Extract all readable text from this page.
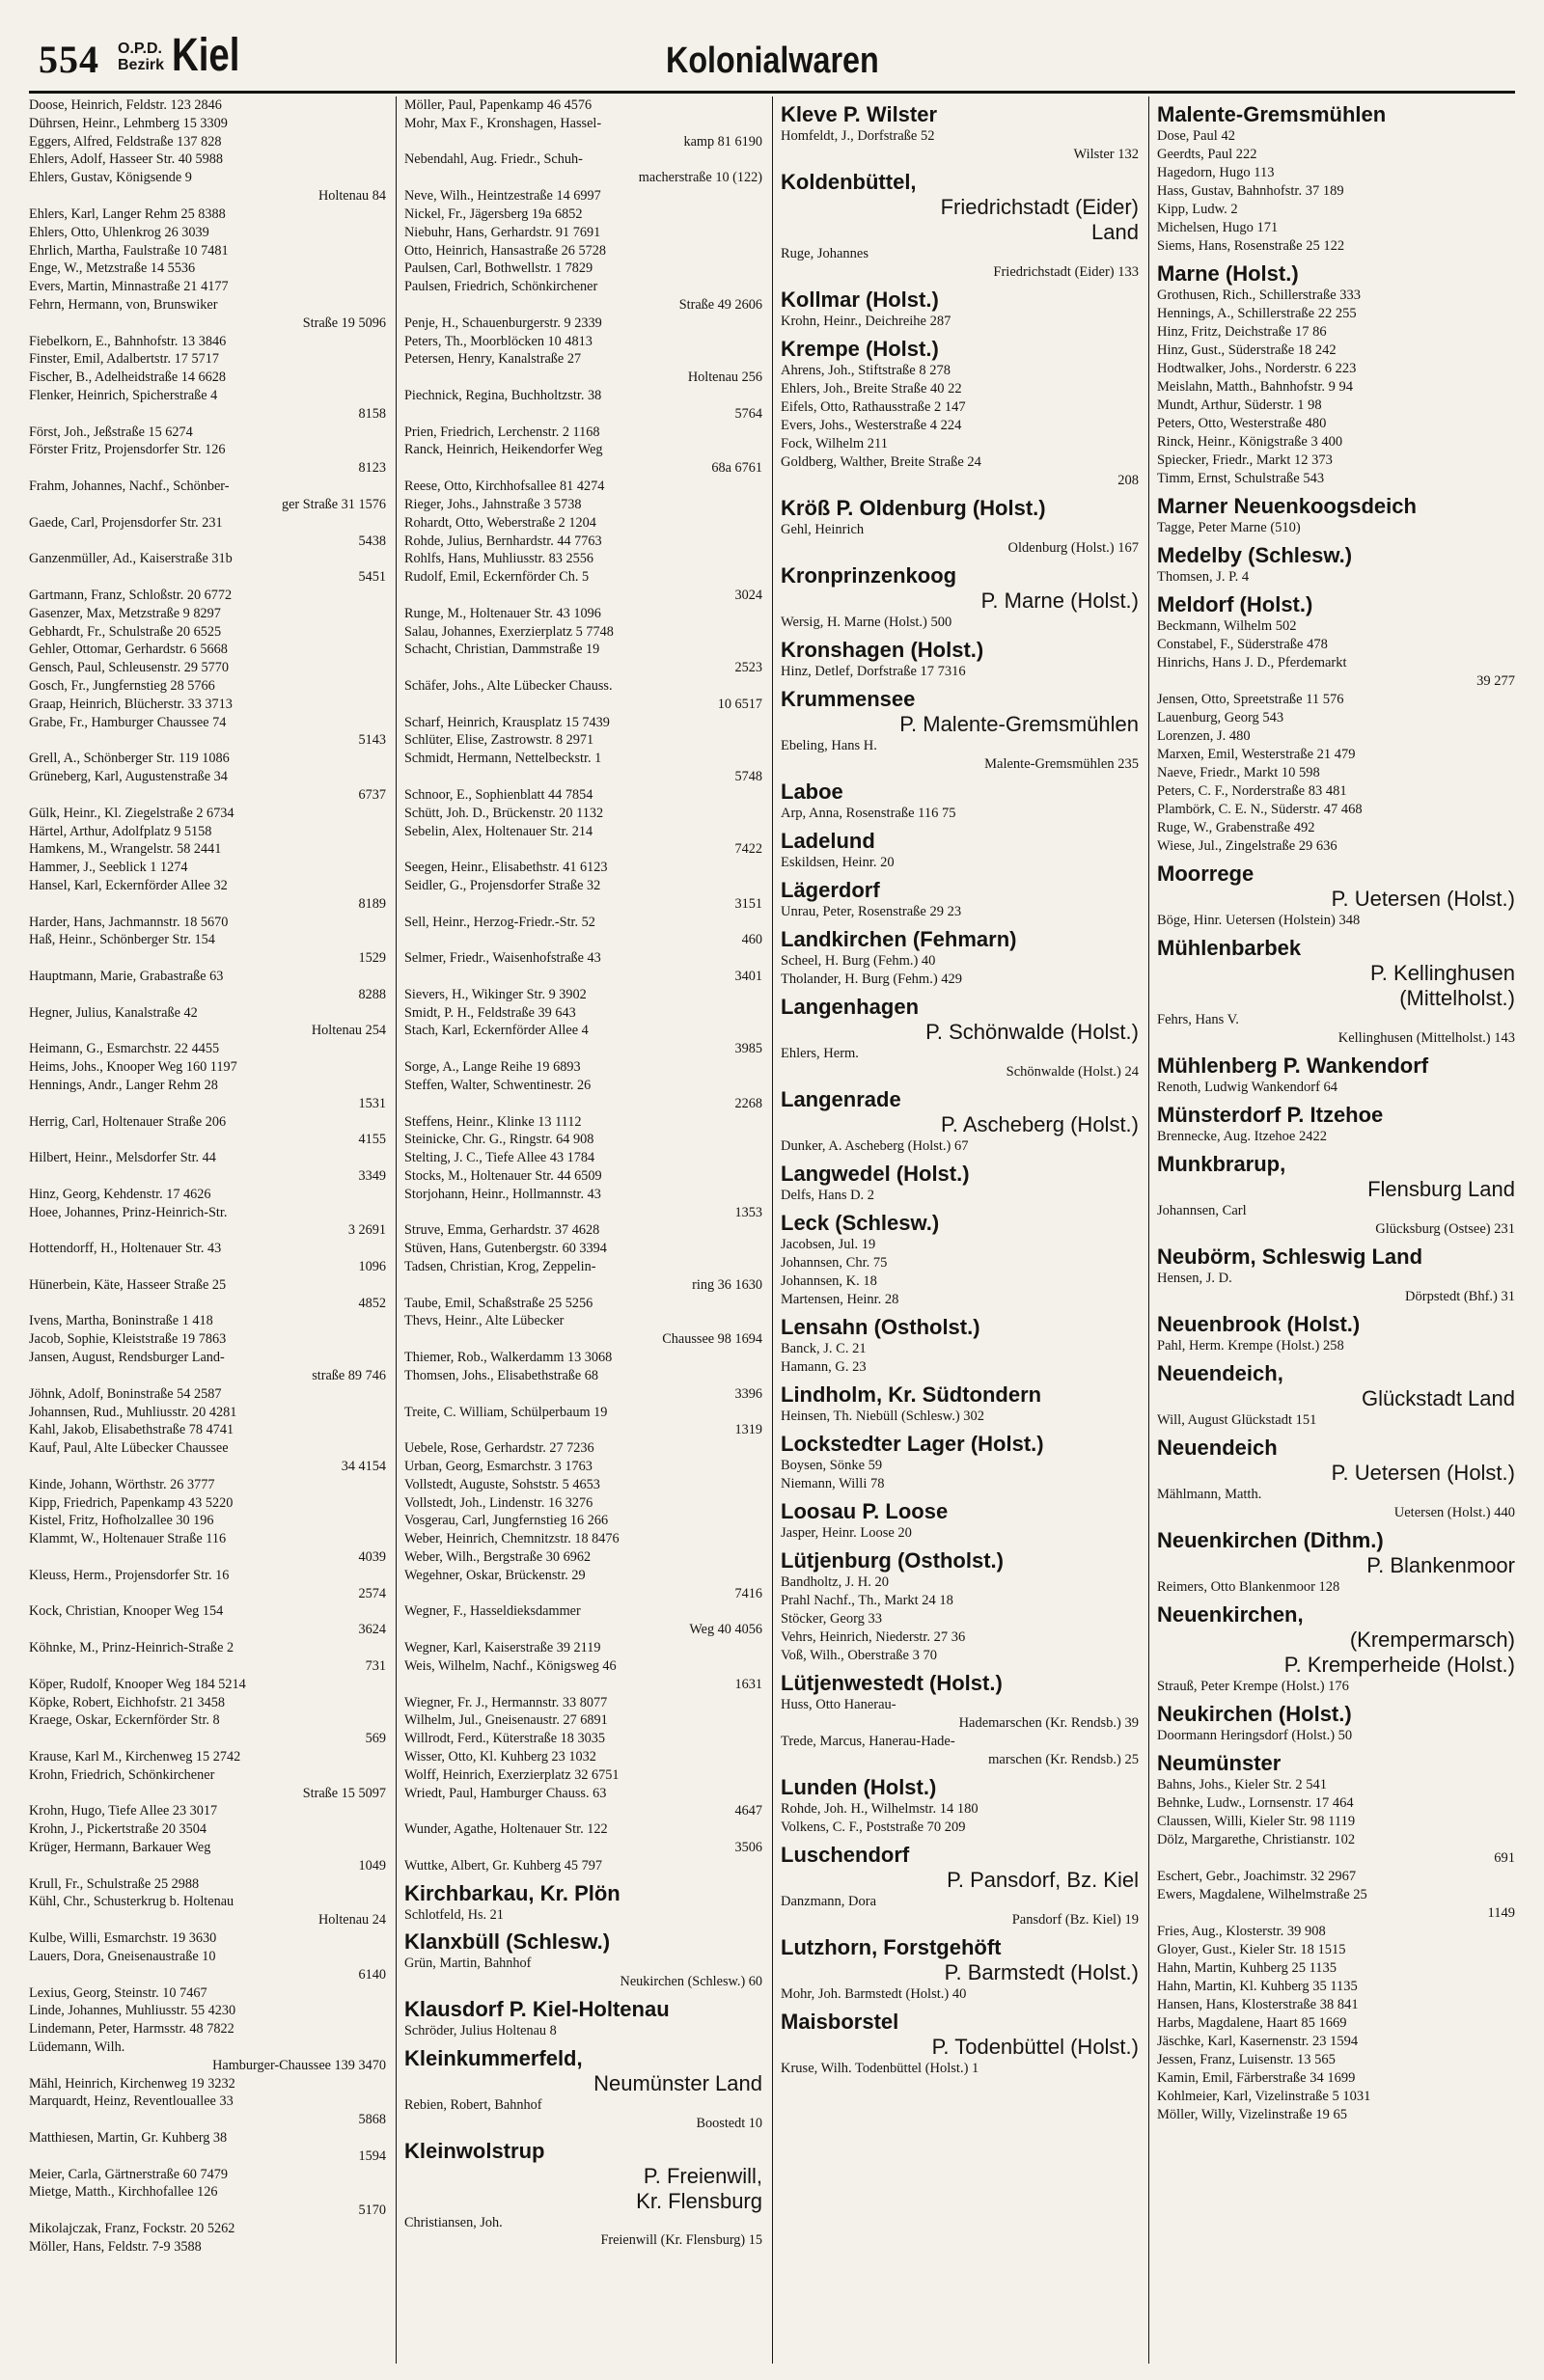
554 O.P.D.
Bezirk Kiel	Kolonialwaren
Doose, Heinrich, Feldstr. 123 2846
Dührsen, Heinr., Lehmberg 15 3309
Eggers, Alfred, Feldstraße 137 828
Ehlers, Adolf, Hasseer Str. 40 5988
Ehlers, Gustav, Königsende 9
Holtenau 84
Ehlers, Karl, Langer Rehm 25 8388
Ehlers, Otto, Uhlenkrog 26 3039
Ehrlich, Martha, Faulstraße 10 7481
Enge, W., Metzstraße 14 5536
Evers, Martin, Minnastraße 21 4177
Fehrn, Hermann, von, Brunswiker
Straße 19 5096
Fiebelkorn, E., Bahnhofstr. 13 3846
Finster, Emil, Adalbertstr. 17 5717
Fischer, B., Adelheidstraße 14 6628
Flenker, Heinrich, Spicherstraße 4
8158
Först, Joh., Jeßstraße 15 6274
Förster Fritz, Projensdorfer Str. 126
8123
Frahm, Johannes, Nachf., Schönber-
ger Straße 31 1576
Gaede, Carl, Projensdorfer Str. 231
5438
Ganzenmüller, Ad., Kaiserstraße 31b
5451
Gartmann, Franz, Schloßstr. 20 6772
Gasenzer, Max, Metzstraße 9 8297
Gebhardt, Fr., Schulstraße 20 6525
Gehler, Ottomar, Gerhardstr. 6 5668
Gensch, Paul, Schleusenstr. 29 5770
Gosch, Fr., Jungfernstieg 28 5766
Graap, Heinrich, Blücherstr. 33 3713
Grabe, Fr., Hamburger Chaussee 74
5143
Grell, A., Schönberger Str. 119 1086
Grüneberg, Karl, Augustenstraße 34
6737
Gülk, Heinr., Kl. Ziegelstraße 2 6734
Härtel, Arthur, Adolfplatz 9 5158
Hamkens, M., Wrangelstr. 58 2441
Hammer, J., Seeblick 1 1274
Hansel, Karl, Eckernförder Allee 32
8189
Harder, Hans, Jachmannstr. 18 5670
Haß, Heinr., Schönberger Str. 154
1529
Hauptmann, Marie, Grabastraße 63
8288
Hegner, Julius, Kanalstraße 42
Holtenau 254
Heimann, G., Esmarchstr. 22 4455
Heims, Johs., Knooper Weg 160 1197
Hennings, Andr., Langer Rehm 28
1531
Herrig, Carl, Holtenauer Straße 206
4155
Hilbert, Heinr., Melsdorfer Str. 44
3349
Hinz, Georg, Kehdenstr. 17 4626
Hoee, Johannes, Prinz-Heinrich-Str.
3 2691
Hottendorff, H., Holtenauer Str. 43
1096
Hünerbein, Käte, Hasseer Straße 25
4852
Ivens, Martha, Boninstraße 1 418
Jacob, Sophie, Kleiststraße 19 7863
Jansen, August, Rendsburger Land-
straße 89 746
Jöhnk, Adolf, Boninstraße 54 2587
Johannsen, Rud., Muhliusstr. 20 4281
Kahl, Jakob, Elisabethstraße 78 4741
Kauf, Paul, Alte Lübecker Chaussee
34 4154
Kinde, Johann, Wörthstr. 26 3777
Kipp, Friedrich, Papenkamp 43 5220
Kistel, Fritz, Hofholzallee 30 196
Klammt, W., Holtenauer Straße 116
4039
Kleuss, Herm., Projensdorfer Str. 16
2574
Kock, Christian, Knooper Weg 154
3624
Köhnke, M., Prinz-Heinrich-Straße 2
731
Köper, Rudolf, Knooper Weg 184 5214
Köpke, Robert, Eichhofstr. 21 3458
Kraege, Oskar, Eckernförder Str. 8
569
Krause, Karl M., Kirchenweg 15 2742
Krohn, Friedrich, Schönkirchener
Straße 15 5097
Krohn, Hugo, Tiefe Allee 23 3017
Krohn, J., Pickertstraße 20 3504
Krüger, Hermann, Barkauer Weg
1049
Krull, Fr., Schulstraße 25 2988
Kühl, Chr., Schusterkrug b. Holtenau
Holtenau 24
Kulbe, Willi, Esmarchstr. 19 3630
Lauers, Dora, Gneisenaustraße 10
6140
Lexius, Georg, Steinstr. 10 7467
Linde, Johannes, Muhliusstr. 55 4230
Lindemann, Peter, Harmsstr. 48 7822
Lüdemann, Wilh.
Hamburger-Chaussee 139 3470
Mähl, Heinrich, Kirchenweg 19 3232
Marquardt, Heinz, Reventlouallee 33
5868
Matthiesen, Martin, Gr. Kuhberg 38
1594
Meier, Carla, Gärtnerstraße 60 7479
Mietge, Matth., Kirchhofallee 126
5170
Mikolajczak, Franz, Fockstr. 20 5262
Möller, Hans, Feldstr. 7-9 3588
Möller, Paul, Papenkamp 46 4576
Mohr, Max F., Kronshagen, Hassel-
kamp 81 6190
Nebendahl, Aug. Friedr., Schuh-
macherstraße 10 (122)
Neve, Wilh., Heintzestraße 14 6997
Nickel, Fr., Jägersberg 19a 6852
Niebuhr, Hans, Gerhardstr. 91 7691
Otto, Heinrich, Hansastraße 26 5728
Paulsen, Carl, Bothwellstr. 1 7829
Paulsen, Friedrich, Schönkirchener
Straße 49 2606
Penje, H., Schauenburgerstr. 9 2339
Peters, Th., Moorblöcken 10 4813
Petersen, Henry, Kanalstraße 27
Holtenau 256
Piechnick, Regina, Buchholtzstr. 38
5764
Prien, Friedrich, Lerchenstr. 2 1168
Ranck, Heinrich, Heikendorfer Weg
68a 6761
Reese, Otto, Kirchhofsallee 81 4274
Rieger, Johs., Jahnstraße 3 5738
Rohardt, Otto, Weberstraße 2 1204
Rohde, Julius, Bernhardstr. 44 7763
Rohlfs, Hans, Muhliusstr. 83 2556
Rudolf, Emil, Eckernförder Ch. 5
3024
Runge, M., Holtenauer Str. 43 1096
Salau, Johannes, Exerzierplatz 5 7748
Schacht, Christian, Dammstraße 19
2523
Schäfer, Johs., Alte Lübecker Chauss.
10 6517
Scharf, Heinrich, Krausplatz 15 7439
Schlüter, Elise, Zastrowstr. 8 2971
Schmidt, Hermann, Nettelbeckstr. 1
5748
Schnoor, E., Sophienblatt 44 7854
Schütt, Joh. D., Brückenstr. 20 1132
Sebelin, Alex, Holtenauer Str. 214
7422
Seegen, Heinr., Elisabethstr. 41 6123
Seidler, G., Projensdorfer Straße 32
3151
Sell, Heinr., Herzog-Friedr.-Str. 52
460
Selmer, Friedr., Waisenhofstraße 43
3401
Sievers, H., Wikinger Str. 9 3902
Smidt, P. H., Feldstraße 39 643
Stach, Karl, Eckernförder Allee 4
3985
Sorge, A., Lange Reihe 19 6893
Steffen, Walter, Schwentinestr. 26
2268
Steffens, Heinr., Klinke 13 1112
Steinicke, Chr. G., Ringstr. 64 908
Stelting, J. C., Tiefe Allee 43 1784
Stocks, M., Holtenauer Str. 44 6509
Storjohann, Heinr., Hollmannstr. 43
1353
Struve, Emma, Gerhardstr. 37 4628
Stüven, Hans, Gutenbergstr. 60 3394
Tadsen, Christian, Krog, Zeppelin-
ring 36 1630
Taube, Emil, Schaßstraße 25 5256
Thevs, Heinr., Alte Lübecker
Chaussee 98 1694
Thiemer, Rob., Walkerdamm 13 3068
Thomsen, Johs., Elisabethstraße 68
3396
Treite, C. William, Schülperbaum 19
1319
Uebele, Rose, Gerhardstr. 27 7236
Urban, Georg, Esmarchstr. 3 1763
Vollstedt, Auguste, Sohststr. 5 4653
Vollstedt, Joh., Lindenstr. 16 3276
Vosgerau, Carl, Jungfernstieg 16 266
Weber, Heinrich, Chemnitzstr. 18 8476
Weber, Wilh., Bergstraße 30 6962
Wegehner, Oskar, Brückenstr. 29
7416
Wegner, F., Hasseldieksdammer
Weg 40 4056
Wegner, Karl, Kaiserstraße 39 2119
Weis, Wilhelm, Nachf., Königsweg 46
1631
Wiegner, Fr. J., Hermannstr. 33 8077
Wilhelm, Jul., Gneisenaustr. 27 6891
Willrodt, Ferd., Küterstraße 18 3035
Wisser, Otto, Kl. Kuhberg 23 1032
Wolff, Heinrich, Exerzierplatz 32 6751
Wriedt, Paul, Hamburger Chauss. 63
4647
Wunder, Agathe, Holtenauer Str. 122
3506
Wuttke, Albert, Gr. Kuhberg 45 797
Kirchbarkau, Kr. Plön
Schlotfeld, Hs. 21
Klanxbüll (Schlesw.)
Grün, Martin, Bahnhof
Neukirchen (Schlesw.) 60
Klausdorf P. Kiel-Holtenau
Schröder, Julius Holtenau 8
Kleinkummerfeld,
Neumünster Land
Rebien, Robert, Bahnhof
Boostedt 10
Kleinwolstrup
P. Freienwill,
Kr. Flensburg
Christiansen, Joh.
Freienwill (Kr. Flensburg) 15
Kleve P. Wilster
Homfeldt, J., Dorfstraße 52
Wilster 132
Koldenbüttel,
Friedrichstadt (Eider)
Land
Ruge, Johannes
Friedrichstadt (Eider) 133
Kollmar (Holst.)
Krohn, Heinr., Deichreihe 287
Krempe (Holst.)
Ahrens, Joh., Stiftstraße 8 278
Ehlers, Joh., Breite Straße 40 22
Eifels, Otto, Rathausstraße 2 147
Evers, Johs., Westerstraße 4 224
Fock, Wilhelm 211
Goldberg, Walther, Breite Straße 24
208
Kröß P. Oldenburg (Holst.)
Gehl, Heinrich
Oldenburg (Holst.) 167
Kronprinzenkoog
P. Marne (Holst.)
Wersig, H. Marne (Holst.) 500
Kronshagen (Holst.)
Hinz, Detlef, Dorfstraße 17 7316
Krummensee
P. Malente-Gremsmühlen
Ebeling, Hans H.
Malente-Gremsmühlen 235
Laboe
Arp, Anna, Rosenstraße 116 75
Ladelund
Eskildsen, Heinr. 20
Lägerdorf
Unrau, Peter, Rosenstraße 29 23
Landkirchen (Fehmarn)
Scheel, H. Burg (Fehm.) 40
Tholander, H. Burg (Fehm.) 429
Langenhagen
P. Schönwalde (Holst.)
Ehlers, Herm.
Schönwalde (Holst.) 24
Langenrade
P. Ascheberg (Holst.)
Dunker, A. Ascheberg (Holst.) 67
Langwedel (Holst.)
Delfs, Hans D. 2
Leck (Schlesw.)
Jacobsen, Jul. 19
Johannsen, Chr. 75
Johannsen, K. 18
Martensen, Heinr. 28
Lensahn (Ostholst.)
Banck, J. C. 21
Hamann, G. 23
Lindholm, Kr. Südtondern
Heinsen, Th. Niebüll (Schlesw.) 302
Lockstedter Lager (Holst.)
Boysen, Sönke 59
Niemann, Willi 78
Loosau P. Loose
Jasper, Heinr. Loose 20
Lütjenburg (Ostholst.)
Bandholtz, J. H. 20
Prahl Nachf., Th., Markt 24 18
Stöcker, Georg 33
Vehrs, Heinrich, Niederstr. 27 36
Voß, Wilh., Oberstraße 3 70
Lütjenwestedt (Holst.)
Huss, Otto Hanerau-
Hademarschen (Kr. Rendsb.) 39
Trede, Marcus, Hanerau-Hade-
marschen (Kr. Rendsb.) 25
Lunden (Holst.)
Rohde, Joh. H., Wilhelmstr. 14 180
Volkens, C. F., Poststraße 70 209
Luschendorf
P. Pansdorf, Bz. Kiel
Danzmann, Dora
Pansdorf (Bz. Kiel) 19
Lutzhorn, Forstgehöft
P. Barmstedt (Holst.)
Mohr, Joh. Barmstedt (Holst.) 40
Maisborstel
P. Todenbüttel (Holst.)
Kruse, Wilh. Todenbüttel (Holst.) 1
Malente-Gremsmühlen
Dose, Paul 42
Geerdts, Paul 222
Hagedorn, Hugo 113
Hass, Gustav, Bahnhofstr. 37 189
Kipp, Ludw. 2
Michelsen, Hugo 171
Siems, Hans, Rosenstraße 25 122
Marne (Holst.)
Grothusen, Rich., Schillerstraße 333
Hennings, A., Schillerstraße 22 255
Hinz, Fritz, Deichstraße 17 86
Hinz, Gust., Süderstraße 18 242
Hodtwalker, Johs., Norderstr. 6 223
Meislahn, Matth., Bahnhofstr. 9 94
Mundt, Arthur, Süderstr. 1 98
Peters, Otto, Westerstraße 480
Rinck, Heinr., Königstraße 3 400
Spiecker, Friedr., Markt 12 373
Timm, Ernst, Schulstraße 543
Marner Neuenkoogsdeich
Tagge, Peter Marne (510)
Medelby (Schlesw.)
Thomsen, J. P. 4
Meldorf (Holst.)
Beckmann, Wilhelm 502
Constabel, F., Süderstraße 478
Hinrichs, Hans J. D., Pferdemarkt
39 277
Jensen, Otto, Spreetstraße 11 576
Lauenburg, Georg 543
Lorenzen, J. 480
Marxen, Emil, Westerstraße 21 479
Naeve, Friedr., Markt 10 598
Peters, C. F., Norderstraße 83 481
Plambörk, C. E. N., Süderstr. 47 468
Ruge, W., Grabenstraße 492
Wiese, Jul., Zingelstraße 29 636
Moorrege
P. Uetersen (Holst.)
Böge, Hinr. Uetersen (Holstein) 348
Mühlenbarbek
P. Kellinghusen
(Mittelholst.)
Fehrs, Hans V.
Kellinghusen (Mittelholst.) 143
Mühlenberg P. Wankendorf
Renoth, Ludwig Wankendorf 64
Münsterdorf P. Itzehoe
Brennecke, Aug. Itzehoe 2422
Munkbrarup,
Flensburg Land
Johannsen, Carl
Glücksburg (Ostsee) 231
Neubörm, Schleswig Land
Hensen, J. D.
Dörpstedt (Bhf.) 31
Neuenbrook (Holst.)
Pahl, Herm. Krempe (Holst.) 258
Neuendeich,
Glückstadt Land
Will, August Glückstadt 151
Neuendeich
P. Uetersen (Holst.)
Mählmann, Matth.
Uetersen (Holst.) 440
Neuenkirchen (Dithm.)
P. Blankenmoor
Reimers, Otto Blankenmoor 128
Neuenkirchen,
(Krempermarsch)
P. Kremperheide (Holst.)
Strauß, Peter Krempe (Holst.) 176
Neukirchen (Holst.)
Doormann Heringsdorf (Holst.) 50
Neumünster
Bahns, Johs., Kieler Str. 2 541
Behnke, Ludw., Lornsenstr. 17 464
Claussen, Willi, Kieler Str. 98 1119
Dölz, Margarethe, Christianstr. 102
691
Eschert, Gebr., Joachimstr. 32 2967
Ewers, Magdalene, Wilhelmstraße 25
1149
Fries, Aug., Klosterstr. 39 908
Gloyer, Gust., Kieler Str. 18 1515
Hahn, Martin, Kuhberg 25 1135
Hahn, Martin, Kl. Kuhberg 35 1135
Hansen, Hans, Klosterstraße 38 841
Harbs, Magdalene, Haart 85 1669
Jäschke, Karl, Kasernenstr. 23 1594
Jessen, Franz, Luisenstr. 13 565
Kamin, Emil, Färberstraße 34 1699
Kohlmeier, Karl, Vizelinstraße 5 1031
Möller, Willy, Vizelinstraße 19 65
